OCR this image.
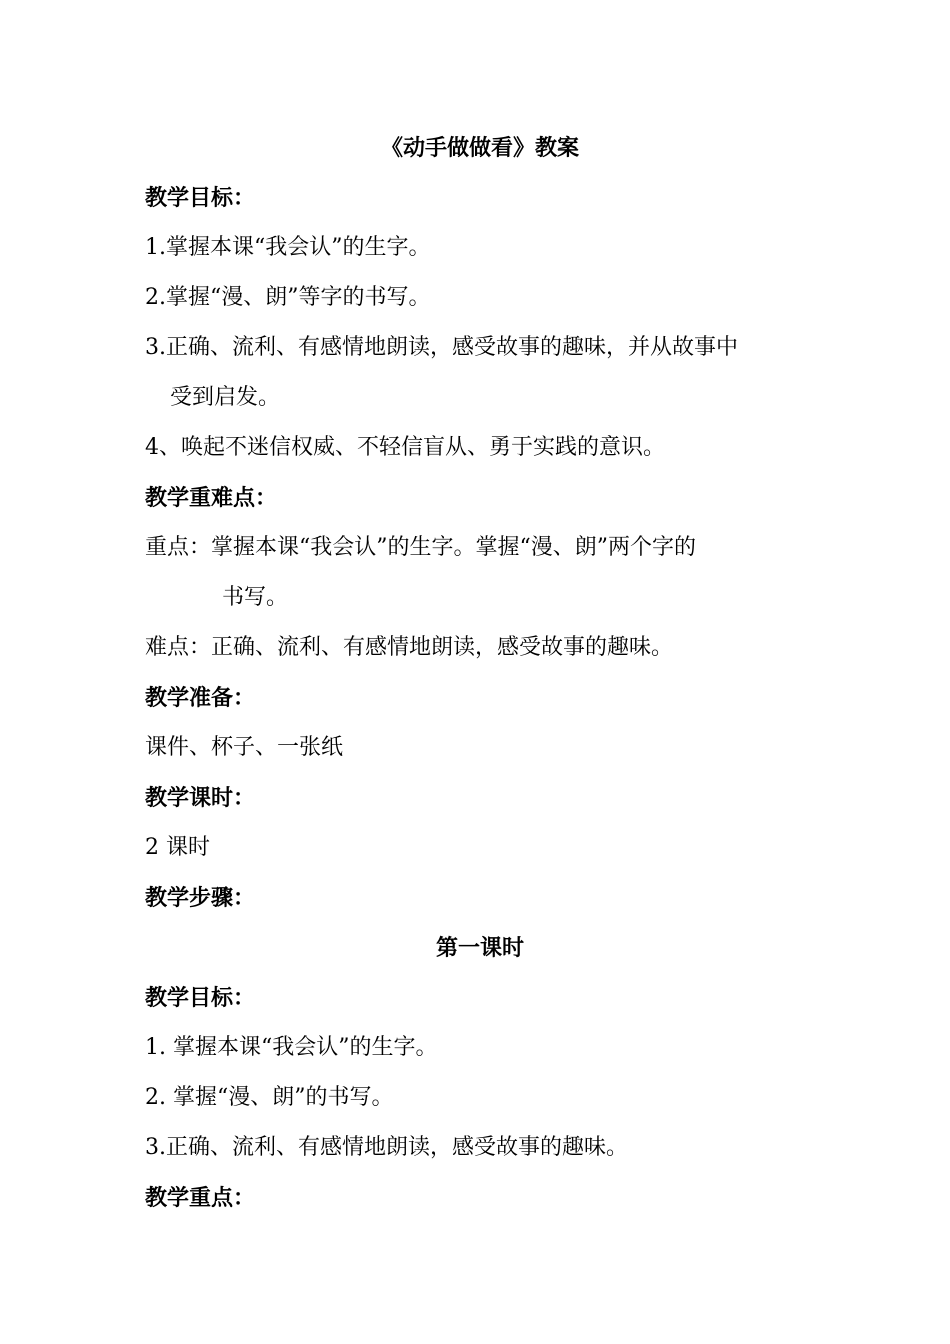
《动手做做看》教案
教学目标：
1.掌握本课“我会认”的生字。
2.掌握“漫、朗”等字的书写。
3.正确、流利、有感情地朗读，感受故事的趣味，并从故事中
受到启发。
4、唤起不迷信权威、不轻信盲从、勇于实践的意识。
教学重难点：
重点：掌握本课“我会认”的生字。掌握“漫、朗”两个字的
书写。
难点：正确、流利、有感情地朗读，感受故事的趣味。
教学准备：
课件、杯子、一张纸
教学课时：
2 课时
教学步骤：
第一课时
教学目标：
1. 掌握本课“我会认”的生字。
2. 掌握“漫、朗”的书写。
3.正确、流利、有感情地朗读，感受故事的趣味。
教学重点：
